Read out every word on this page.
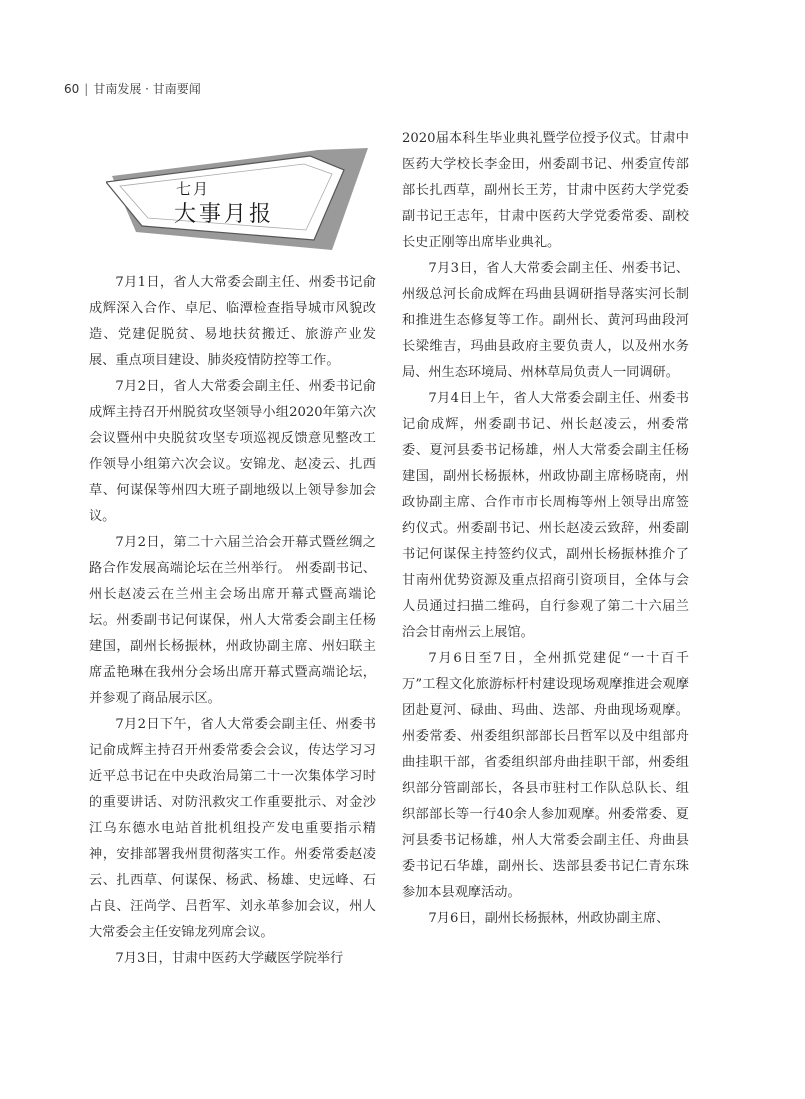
60 | 甘南发展 · 甘南要闻
七月
大事月报

7月1日，省人大常委会副主任、州委书记俞成辉深入合作、卓尼、临潭检查指导城市风貌改造、党建促脱贫、易地扶贫搬迁、旅游产业发展、重点项目建设、肺炎疫情防控等工作。

7月2日，省人大常委会副主任、州委书记俞成辉主持召开州脱贫攻坚领导小组2020年第六次会议暨州中央脱贫攻坚专项巡视反馈意见整改工作领导小组第六次会议。安锦龙、赵凌云、扎西草、何谋保等州四大班子副地级以上领导参加会议。

7月2日，第二十六届兰洽会开幕式暨丝绸之路合作发展高端论坛在兰州举行。 州委副书记、州长赵凌云在兰州主会场出席开幕式暨高端论坛。州委副书记何谋保，州人大常委会副主任杨建国，副州长杨振林，州政协副主席、州妇联主席孟艳琳在我州分会场出席开幕式暨高端论坛，并参观了商品展示区。

7月2日下午，省人大常委会副主任、州委书记俞成辉主持召开州委常委会会议，传达学习习近平总书记在中央政治局第二十一次集体学习时的重要讲话、对防汛救灾工作重要批示、对金沙江乌东德水电站首批机组投产发电重要指示精神，安排部署我州贯彻落实工作。州委常委赵凌云、扎西草、何谋保、杨武、杨雄、史远峰、石占良、汪尚学、吕哲军、刘永革参加会议，州人大常委会主任安锦龙列席会议。

7月3日，甘肃中医药大学藏医学院举行

2020届本科生毕业典礼暨学位授予仪式。甘肃中医药大学校长李金田，州委副书记、州委宣传部部长扎西草，副州长王芳，甘肃中医药大学党委副书记王志年，甘肃中医药大学党委常委、副校长史正刚等出席毕业典礼。

7月3日，省人大常委会副主任、州委书记、州级总河长俞成辉在玛曲县调研指导落实河长制和推进生态修复等工作。副州长、黄河玛曲段河长梁维吉，玛曲县政府主要负责人，以及州水务局、州生态环境局、州林草局负责人一同调研。

7月4日上午，省人大常委会副主任、州委书记俞成辉，州委副书记、州长赵凌云，州委常委、夏河县委书记杨雄，州人大常委会副主任杨建国，副州长杨振林，州政协副主席杨晓南，州政协副主席、合作市市长周梅等州上领导出席签约仪式。州委副书记、州长赵凌云致辞，州委副书记何谋保主持签约仪式，副州长杨振林推介了甘南州优势资源及重点招商引资项目，全体与会人员通过扫描二维码，自行参观了第二十六届兰洽会甘南州云上展馆。

7月6日至7日，全州抓党建促“一十百千万”工程文化旅游标杆村建设现场观摩推进会观摩团赴夏河、碌曲、玛曲、迭部、舟曲现场观摩。州委常委、州委组织部部长吕哲军以及中组部舟曲挂职干部，省委组织部舟曲挂职干部，州委组织部分管副部长，各县市驻村工作队总队长、组织部部长等一行40余人参加观摩。州委常委、夏河县委书记杨雄，州人大常委会副主任、舟曲县委书记石华雄，副州长、迭部县委书记仁青东珠参加本县观摩活动。

7月6日，副州长杨振林，州政协副主席、
